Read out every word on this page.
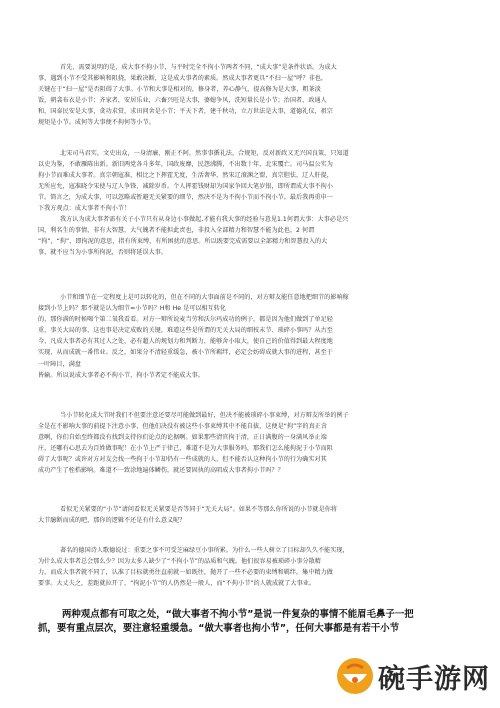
首先，需要说明的是，成大事不拘小节，与平时完全不拘小节两者不同，“成大事”是条件状语。为成大
事，遇到小节不受其影响和阻挠，果敢决断，这是成大事者的素质。然成大事者更具“不扫一屋”呼？非也，
关键在于“扫一屋”是否阻碍了大事。小节和大事是相对的，修身者，养心静气，提高修为是大事，粗茶淡
饭，朝衾布衣是小节；齐家者，安居乐业，六畜兴旺是大事，婆媳争风，洗短量长是小节；治国者，政通人
和，国泰民安是大事，贪功求赏，求田问舍是小节；平天下者，建千秋功，立万世法是大事，道德礼仪，祖宗
规矩是小节。成何等大事便不拘何等小节。
北宋司马君实，文史出众，一身清廉，刚正不阿，然事事循礼法，合规矩，反对新政又无兴国良策，只知道
以史为鉴，不敢雁陈出新。新旧两党各斗多年，国政废靡，民怨沸腾，不出数十年，北宋覆亡。司马温公实为
拘小节而难成大事者。真宗朝寇准，相比之下挥霍无度，生活奢华，然宋辽澶渊之盟，真宗胆怯，辽人肝提，
无所应允，寇准晓令宋使与辽人争锋，减除岁币。个人挥霍钱财却为国家争回大笔岁银，即所谓成大事不拘小
节。简言之，为成大事，可以忽略或暂避无关紧要的细节，然决不是为不拘小节而不拘小节。最后我再重申一
下我方观点：成大事者不拘小节！
我方认为成大事者需有关子小节只有从身边小事做起,才能有我大事的经验与意见1.1何谓大事：大事必是兴
国，利名生的事情，非有大智慧，大气魄者不能担此责也，非投入全部精力和智慧不能为此也。2 何谓
“拘”，“拘”，即拘泥的意思，指有所束缚，有所困扰的意思。所以既要完成需要以全部精力和智慧投入的大
事，就不应当为小事所拘泥，否则将延误大事。
小节和细节在一定程度上是可以转化的，但在不同的大事面前是不同的，对方辩友能任意地把细节的影响稼
接到小节上吗？那不就是认为细节=小节吗？H和 He 是可以相互转化
的，那你满的时候喝个第二氧我看看。对方一辩所说麦当劳和沃尔玛成功的例子，都是因为他们做到了单足轻
重，事关大局的事，这也事是决定成败的关键，难道这些是所谓的无关大局的细枝末节、琐碎小事吗？从古至
今，凡成大事者必有其过人之处，必有超人的规划力和判断力，能够舍小取大，使自己的价值得到最大程度地
实现，从而成就一番伟业。反之，如果分不清轻重缓急，被小节所羁绊，必定会妨碍成就大事的进程，甚至于
一叶障目，满盘
皆输。所以说成大事者必不拘小节，拘小节者定不能成大事。
当小节转化成大节时我们不但要注意还要尽可能做到最好，但决不能被琐碎小事束缚，对方辩友所举的例子
全是在不影响大事的前提下注意小事，但他们决没有被这些小事束缚其中不能自拔，这便是“拘”字的真正含
意啊，你们自始至终都没有找到支持你们论点的论据啊。如果那些清官拘于清，正日满腹的一身满风举止端
庄，还哪有心思去为百姓做事呢！在小节上严于律己，难道不是为大事服务吗，那我们怎么能拘泥于小节而阻
碍了大事呢？或许对方对友会找一些拘于小节却仍有一些成就的人，但不能否认这种拘小节的行为确实对其
成功产生了桎梏影响。难道不一致涂地遍体鳞伤，就还要固执的高唱成大事者拘小节吗？？
看似无关紧要的“小节”请问看似无关紧要是否等同于“无关大局”。如果不等那么你所说的小节就是你将
大节臆断而成的吧，那你的逻辑不还是有什么意义呢？
著名的德国诗人歌德说过：重要之事不可受芝麻绿豆小事所累。为什么一些人树立了目标却久久不能实现，
为什么成大事者总会那么少？因为太多人缺少了“不拘小节”的品质和气魄。他们很容易被琐碎小事分散精
力，而成大事者就不同了，认准了目标就勇往直前就一如既往，抛开了一些不必要的束缚和羁绊，集中精力做
要事。大丈夫之，差距就拉开了，“拘泥小节”的人仍然是一般人，而“不拘小节”的人就成就了大事业。
两种观点都有可取之处，“做大事者不拘小节”是说一件复杂的事情不能眉毛鼻子一把
抓，要有重点层次，要注意轻重缓急。“做大事者也拘小节”，任何大事都是有若干小节
碗手游网
